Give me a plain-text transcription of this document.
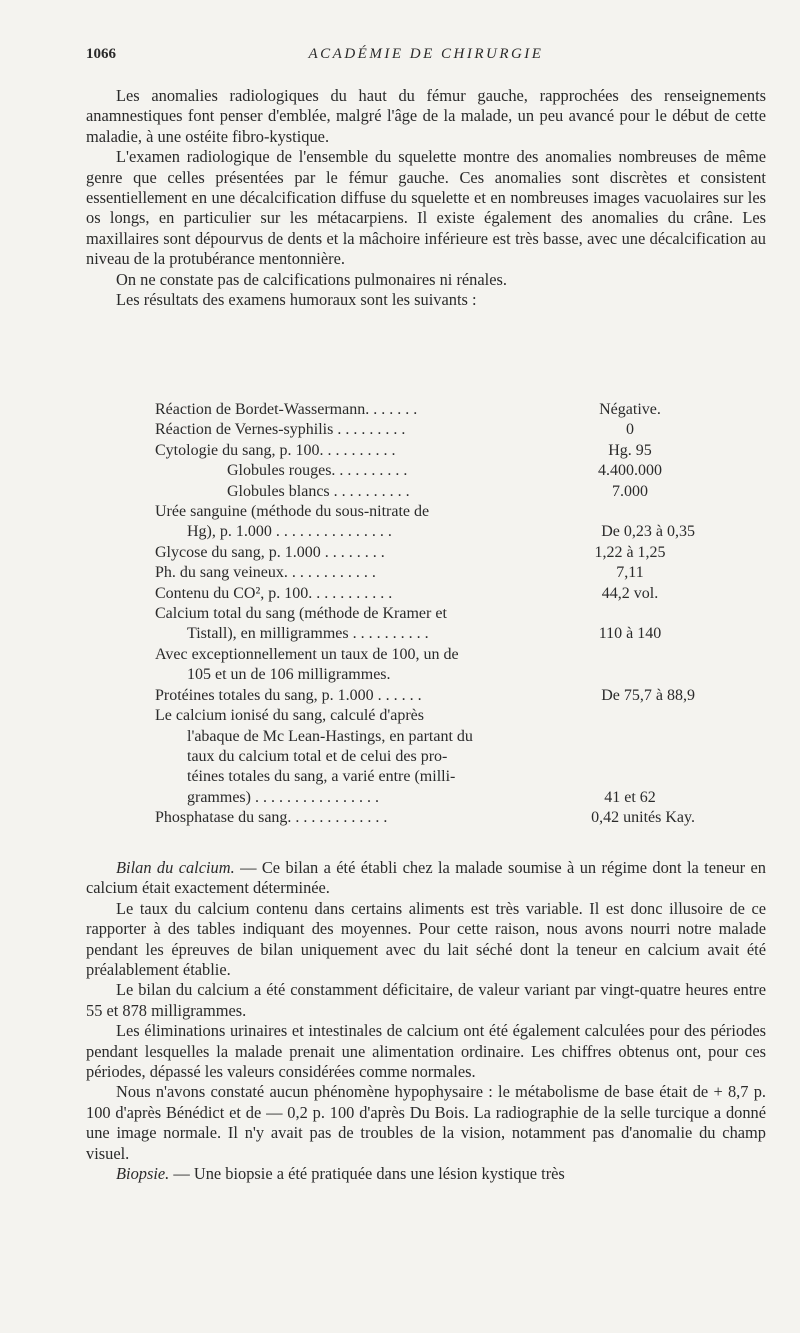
1066	ACADÉMIE DE CHIRURGIE

Les anomalies radiologiques du haut du fémur gauche, rapprochées des renseignements anamnestiques font penser d'emblée, malgré l'âge de la malade, un peu avancé pour le début de cette maladie, à une ostéite fibro-kystique.

L'examen radiologique de l'ensemble du squelette montre des anomalies nombreuses de même genre que celles présentées par le fémur gauche. Ces anomalies sont discrètes et consistent essentiellement en une décalcification diffuse du squelette et en nombreuses images vacuolaires sur les os longs, en particulier sur les métacarpiens. Il existe également des anomalies du crâne. Les maxillaires sont dépourvus de dents et la mâchoire inférieure est très basse, avec une décalcification au niveau de la protubérance mentonnière.

On ne constate pas de calcifications pulmonaires ni rénales.

Les résultats des examens humoraux sont les suivants :

Réaction de Bordet-Wassermann. . . . . . .	Négative.
Réaction de Vernes-syphilis . . . . . . . . .	0
Cytologie du sang, p. 100. . . . . . . . . .	Hg. 95
Globules rouges. . . . . . . . . .	4.400.000
Globules blancs . . . . . . . . . .	7.000
Urée sanguine (méthode du sous-nitrate de
Hg), p. 1.000 . . . . . . . . . . . . . . .	De 0,23 à 0,35
Glycose du sang, p. 1.000 . . . . . . . .	1,22 à 1,25
Ph. du sang veineux. . . . . . . . . . . .	7,11
Contenu du CO², p. 100. . . . . . . . . . .	44,2 vol.
Calcium total du sang (méthode de Kramer et
Tistall), en milligrammes . . . . . . . . . .	110 à 140
Avec exceptionnellement un taux de 100, un de
105 et un de 106 milligrammes.
Protéines totales du sang, p. 1.000 . . . . . .	De 75,7 à 88,9
Le calcium ionisé du sang, calculé d'après
l'abaque de Mc Lean-Hastings, en partant du
taux du calcium total et de celui des pro-
téines totales du sang, a varié entre (milli-
grammes) . . . . . . . . . . . . . . . .	41 et 62
Phosphatase du sang. . . . . . . . . . . . .	0,42 unités Kay.

Bilan du calcium. — Ce bilan a été établi chez la malade soumise à un régime dont la teneur en calcium était exactement déterminée.

Le taux du calcium contenu dans certains aliments est très variable. Il est donc illusoire de ce rapporter à des tables indiquant des moyennes. Pour cette raison, nous avons nourri notre malade pendant les épreuves de bilan uniquement avec du lait séché dont la teneur en calcium avait été préalablement établie.

Le bilan du calcium a été constamment déficitaire, de valeur variant par vingt-quatre heures entre 55 et 878 milligrammes.

Les éliminations urinaires et intestinales de calcium ont été également calculées pour des périodes pendant lesquelles la malade prenait une alimentation ordinaire. Les chiffres obtenus ont, pour ces périodes, dépassé les valeurs considérées comme normales.

Nous n'avons constaté aucun phénomène hypophysaire : le métabolisme de base était de + 8,7 p. 100 d'après Bénédict et de — 0,2 p. 100 d'après Du Bois. La radiographie de la selle turcique a donné une image normale. Il n'y avait pas de troubles de la vision, notamment pas d'anomalie du champ visuel.

Biopsie. — Une biopsie a été pratiquée dans une lésion kystique très
